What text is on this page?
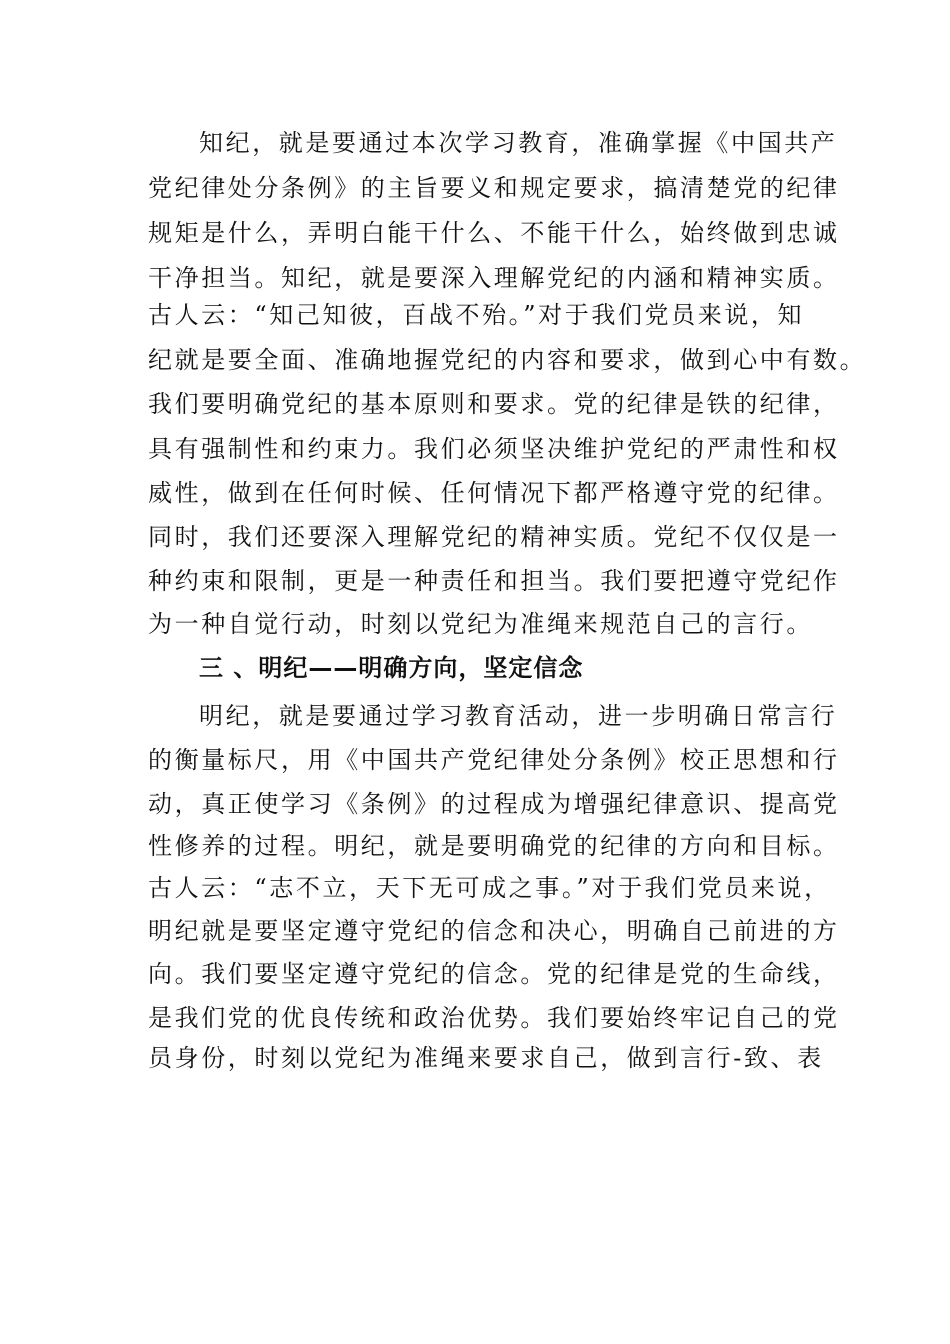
知纪，就是要通过本次学习教育，准确掌握《中国共产
党纪律处分条例》的主旨要义和规定要求，搞清楚党的纪律
规矩是什么，弄明白能干什么、不能干什么，始终做到忠诚
干净担当。知纪，就是要深入理解党纪的内涵和精神实质。
古人云：“知己知彼，百战不殆。”对于我们党员来说，知
纪就是要全面、准确地握党纪的内容和要求，做到心中有数。
我们要明确党纪的基本原则和要求。党的纪律是铁的纪律，
具有强制性和约束力。我们必须坚决维护党纪的严肃性和权
威性，做到在任何时候、任何情况下都严格遵守党的纪律。
同时，我们还要深入理解党纪的精神实质。党纪不仅仅是一
种约束和限制，更是一种责任和担当。我们要把遵守党纪作
为一种自觉行动，时刻以党纪为准绳来规范自己的言行。
三 、明纪——明确方向，坚定信念
明纪，就是要通过学习教育活动，进一步明确日常言行
的衡量标尺，用《中国共产党纪律处分条例》校正思想和行
动，真正使学习《条例》的过程成为增强纪律意识、提高党
性修养的过程。明纪，就是要明确党的纪律的方向和目标。
古人云：“志不立，天下无可成之事。”对于我们党员来说，
明纪就是要坚定遵守党纪的信念和决心，明确自己前进的方
向。我们要坚定遵守党纪的信念。党的纪律是党的生命线，
是我们党的优良传统和政治优势。我们要始终牢记自己的党
员身份，时刻以党纪为准绳来要求自己，做到言行-致、表
